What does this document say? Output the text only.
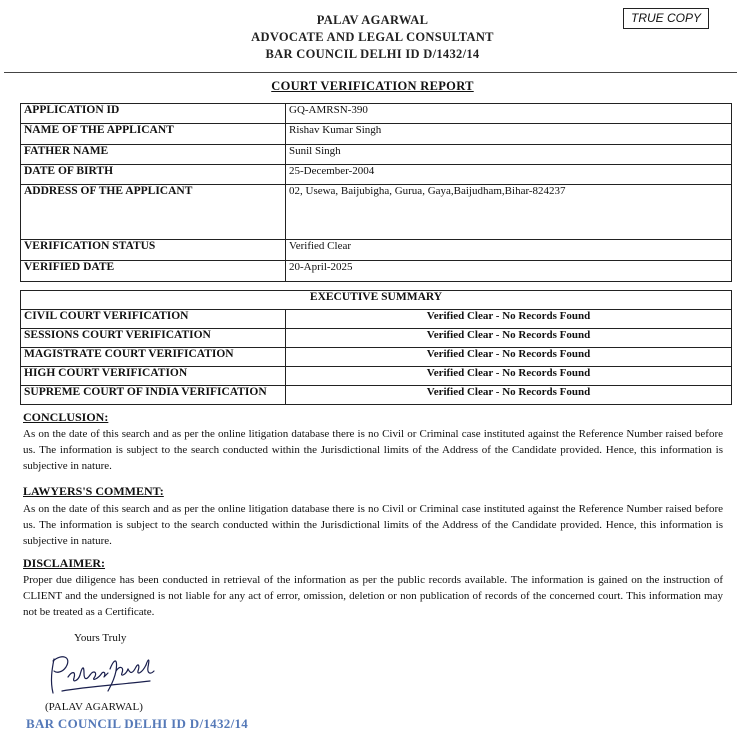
PALAV AGARWAL
ADVOCATE AND LEGAL CONSULTANT
BAR COUNCIL DELHI ID D/1432/14
TRUE COPY
COURT VERIFICATION REPORT
APPLICATION ID	GQ-AMRSN-390
NAME OF THE APPLICANT	Rishav Kumar Singh
FATHER NAME	Sunil Singh
DATE OF BIRTH	25-December-2004
ADDRESS OF THE APPLICANT	02, Usewa, Baijubigha, Gurua, Gaya,Baijudham,Bihar-824237
VERIFICATION STATUS	Verified Clear
VERIFIED DATE	20-April-2025
EXECUTIVE SUMMARY	
CIVIL COURT VERIFICATION	Verified Clear - No Records Found
SESSIONS COURT VERIFICATION	Verified Clear - No Records Found
MAGISTRATE COURT VERIFICATION	Verified Clear - No Records Found
HIGH COURT VERIFICATION	Verified Clear - No Records Found
SUPREME COURT OF INDIA VERIFICATION	Verified Clear - No Records Found
CONCLUSION:

As on the date of this search and as per the online litigation database there is no Civil or Criminal case instituted against the Reference Number raised before us. The information is subject to the search conducted within the Jurisdictional limits of the Address of the Candidate provided. Hence, this information is subjective in nature.

LAWYERS'S COMMENT:

As on the date of this search and as per the online litigation database there is no Civil or Criminal case instituted against the Reference Number raised before us. The information is subject to the search conducted within the Jurisdictional limits of the Address of the Candidate provided. Hence, this information is subjective in nature.

DISCLAIMER:

Proper due diligence has been conducted in retrieval of the information as per the public records available. The information is gained on the instruction of CLIENT and the undersigned is not liable for any act of error, omission, deletion or non publication of records of the concerned court. This information may not be treated as a Certificate.

Yours Truly
(PALAV AGARWAL)
BAR COUNCIL DELHI ID D/1432/14
